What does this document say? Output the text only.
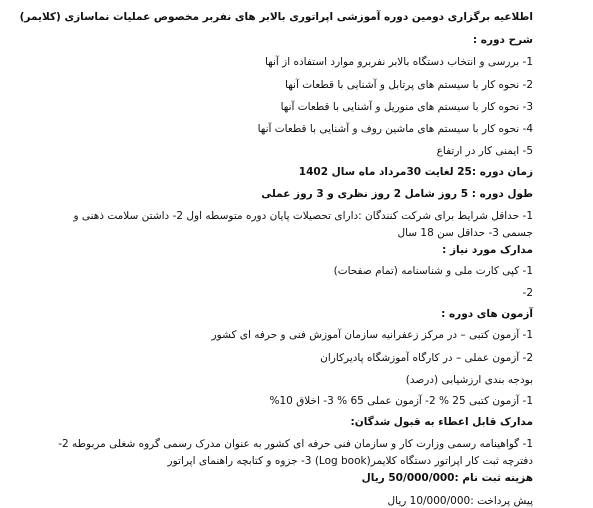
اطلاعیه برگزاری دومین دوره آموزشی اپراتوری بالابر های نفربر مخصوص عملیات نماسازی (کلایمر)
شرح دوره :
1- بررسی و انتخاب دستگاه بالابر نفربرو موارد استفاده از آنها
2- نحوه کار با سیستم های پرتابل و آشنایی با قطعات آنها
3- نحوه کار با سیستم های منوریل و آشنایی با قطعات آنها
4- نحوه کار با سیستم های ماشین روف و آشنایی با قطعات آنها
5- ایمنی کار در ارتفاع
زمان دوره :25 لغایت 30مرداد ماه سال 1402
طول دوره : 5 روز شامل 2 روز نظری و 3 روز عملی
1- حداقل شرایط برای شرکت کنندگان :دارای تحصیلات پایان دوره متوسطه اول 2- داشتن سلامت ذهنی و جسمی 3- حداقل سن 18 سال
مدارک مورد نیاز :
1- کپی کارت ملی و شناسنامه (تمام صفحات)
2-
آزمون های دوره :
1- آزمون کتبی – در مرکز زعفرانیه سازمان آموزش فنی و حرفه ای کشور
2- آزمون عملی – در کارگاه آموزشگاه پادیرکاران
بودجه بندی ارزشیابی (درصد)
1- آزمون کتبی 25 % 2- آزمون عملی 65 % 3- اخلاق 10%
مدارک قابل اعطاء به قبول شدگان:
1- گواهینامه رسمی وزارت کار و سازمان فنی حرفه ای کشور به عنوان مدرک رسمی گروه شغلی مربوطه 2- دفترچه ثبت کار اپراتور دستگاه کلایمر(Log book) 3- جزوه و کتابچه راهنمای اپراتور
هزینه ثبت نام :50/000/000 ریال
پیش پرداخت :10/000/000 ریال
